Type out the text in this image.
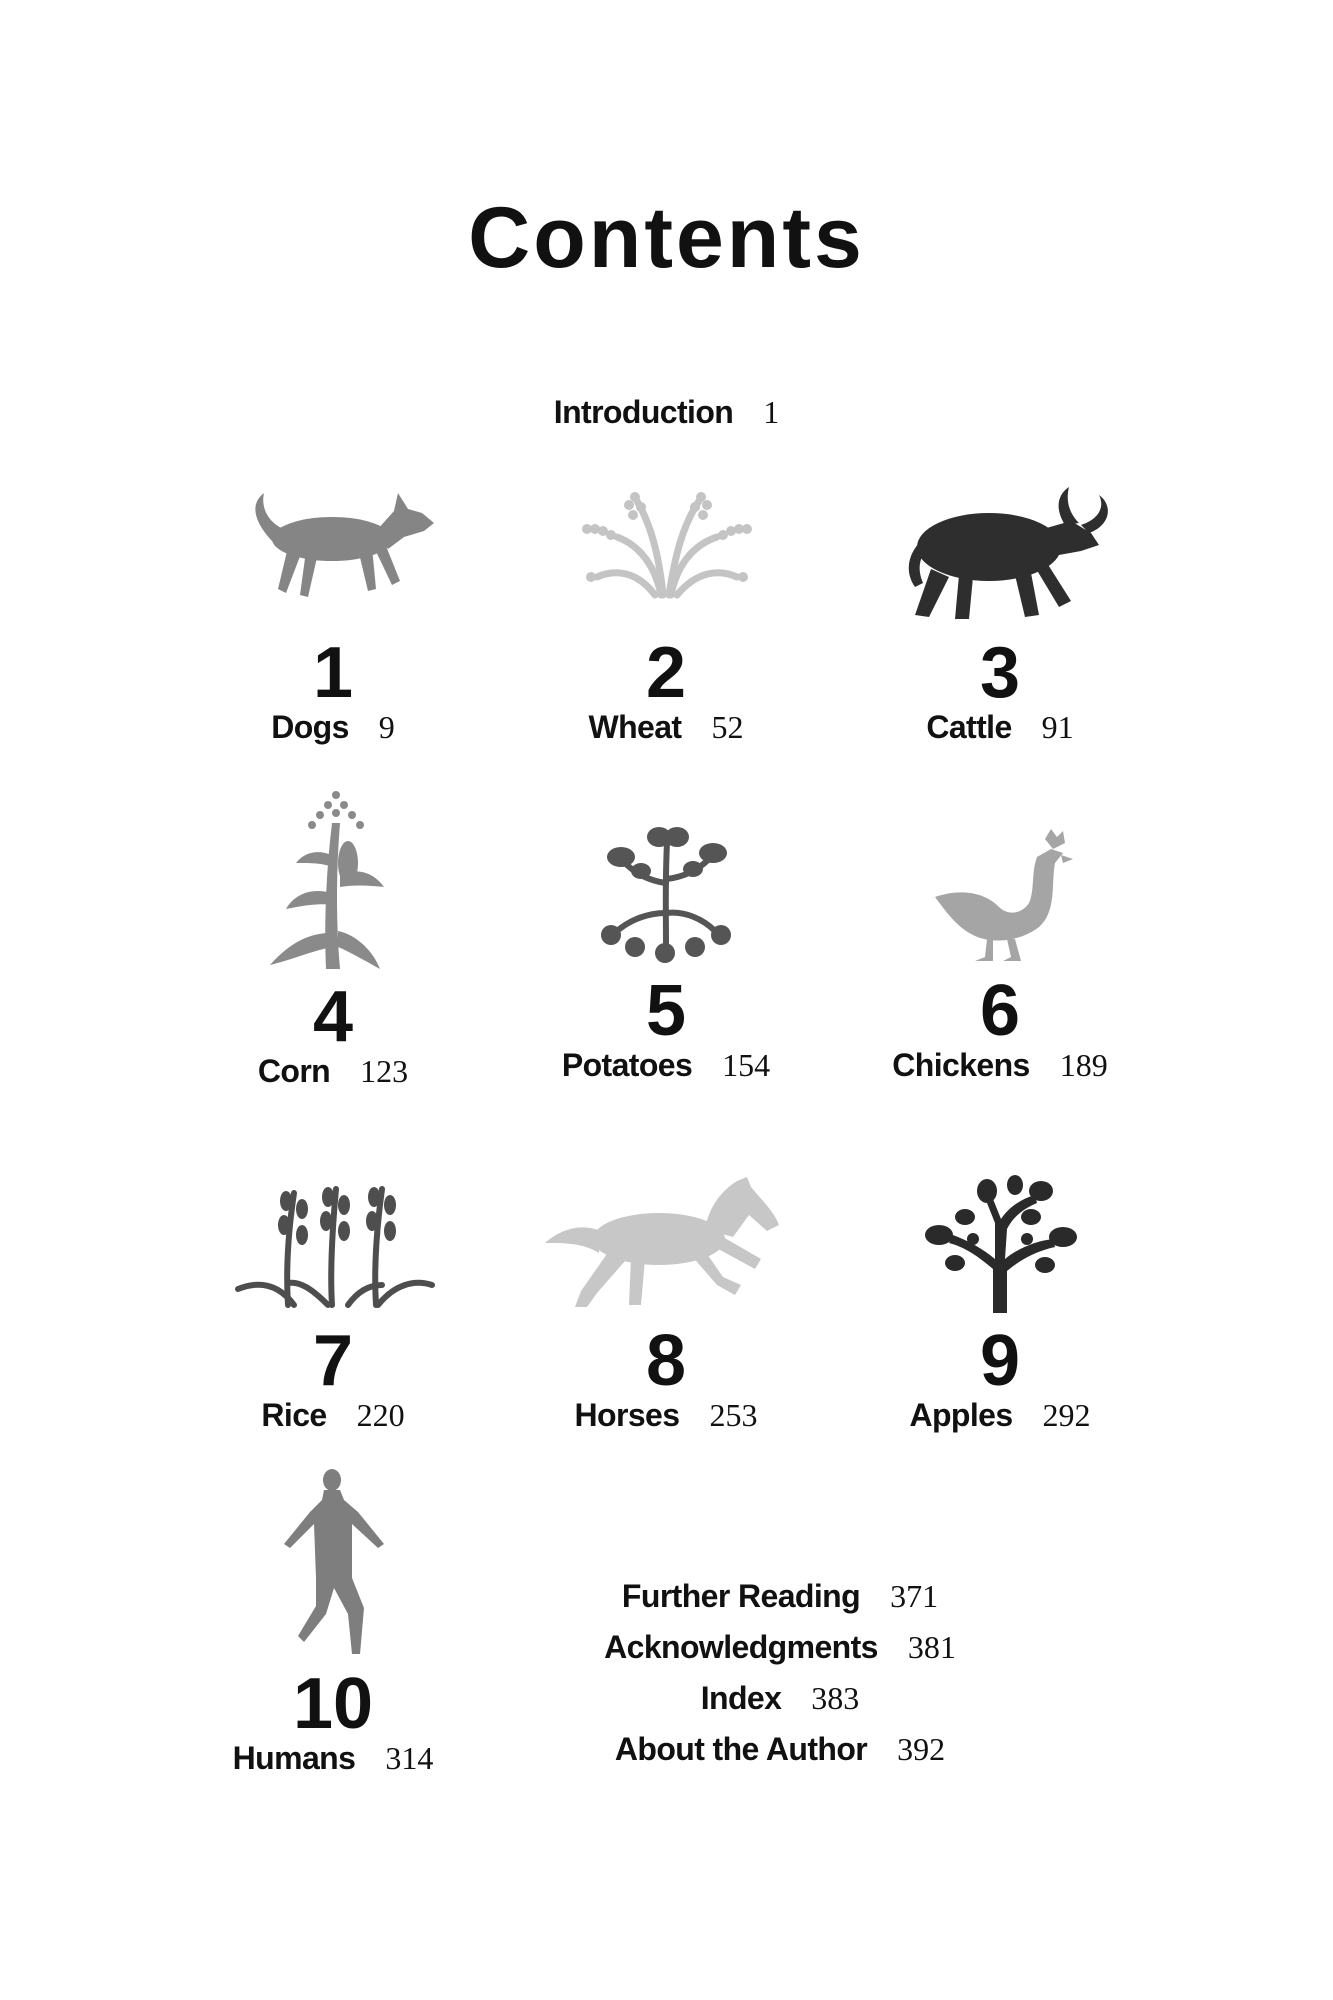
Contents
Introduction 1
1
Dogs 9
2
Wheat 52
3
Cattle 91
4
Corn 123
5
Potatoes 154
6
Chickens 189
7
Rice 220
8
Horses 253
9
Apples 292
10
Humans 314
Further Reading 371
Acknowledgments 381
Index 383
About the Author 392
